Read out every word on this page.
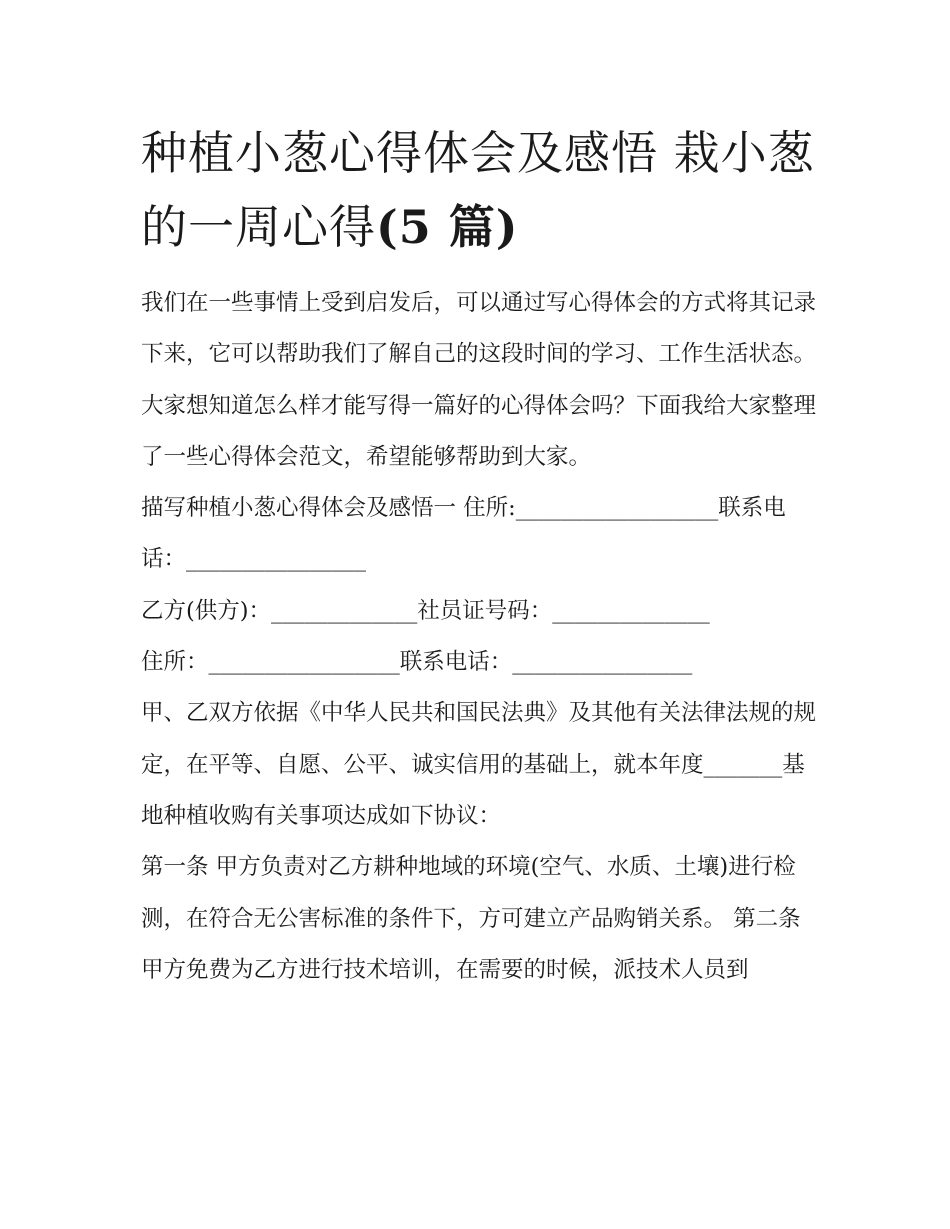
种植小葱心得体会及感悟 栽小葱的一周心得(5 篇)

我们在一些事情上受到启发后，可以通过写心得体会的方式将其记录下来，它可以帮助我们了解自己的这段时间的学习、工作生活状态。大家想知道怎么样才能写得一篇好的心得体会吗？下面我给大家整理了一些心得体会范文，希望能够帮助到大家。

描写种植小葱心得体会及感悟一 住所:__________________联系电话：________________

乙方(供方)：_____________社员证号码：______________

住所：_________________联系电话：________________

甲、乙双方依据《中华人民共和国民法典》及其他有关法律法规的规定，在平等、自愿、公平、诚实信用的基础上，就本年度_______基地种植收购有关事项达成如下协议：

第一条 甲方负责对乙方耕种地域的环境(空气、水质、土壤)进行检测，在符合无公害标准的条件下，方可建立产品购销关系。 第二条

甲方免费为乙方进行技术培训，在需要的时候，派技术人员到
